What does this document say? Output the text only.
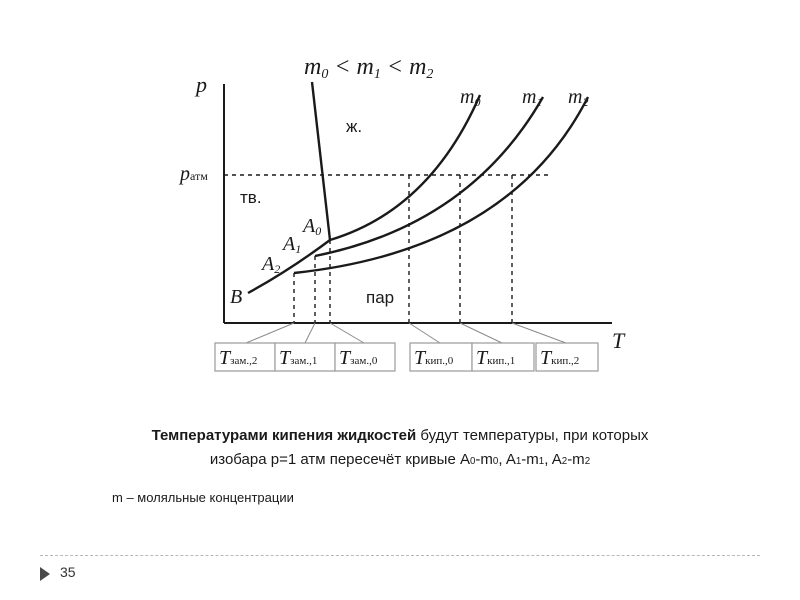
Tзам.,2 Tзам.,1 Tзам.,0 Tкип.,0 Tкип.,1 Tкип.,2
m0 < m1 < m2
p
T
pатм
ж.
тв.
пар
B
A0
A1
A2
m0 m1 m2
Температурами кипения жидкостей будут температуры, при которых
изобара p=1 атм пересечёт кривые A0-m0, A1-m1, A2-m2
m – моляльные концентрации
35
